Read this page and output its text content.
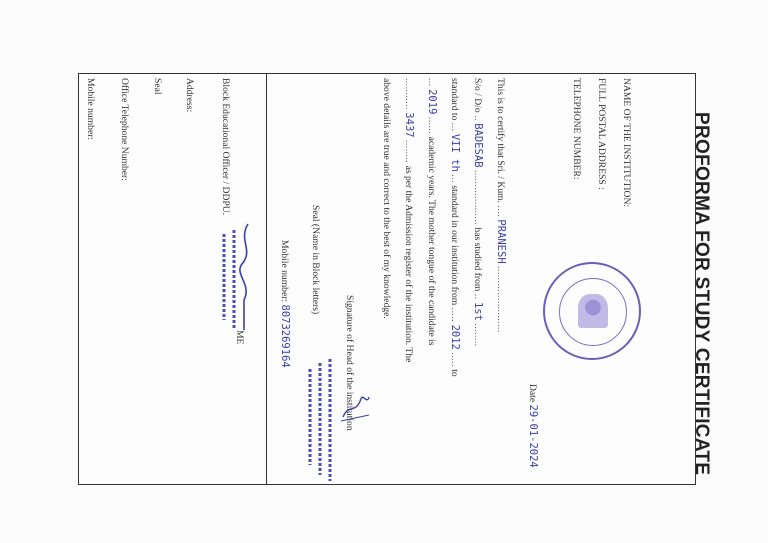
PROFORMA FOR STUDY CERTIFICATE
NAME OF THE INSTITUTION:
FULL POSTAL ADDRESS :
TELEPHONE NUMBER:
Date 29-01-2024
This is to certify that Sri. / Kum. .... PRANESH .......................
S/o / D/o .. BADESAB ................... has studied from .. 1st ........
standard to ... VII th ... standard in our institution from ..... 2012 ..... to
... 2019 ...... academic years. The mother tongue of the candidate is
........... 3437 ........ as per the Admission register of the institution. The
above details are true and correct to the best of my knowledge.
Signature of Head of the institution
Seal (Name in Block letters)
Mobile number: 8073269164
Block Educational Officer / DDPU.
Address:
Seal
Office Telephone Number:
Mobile number:
ME
